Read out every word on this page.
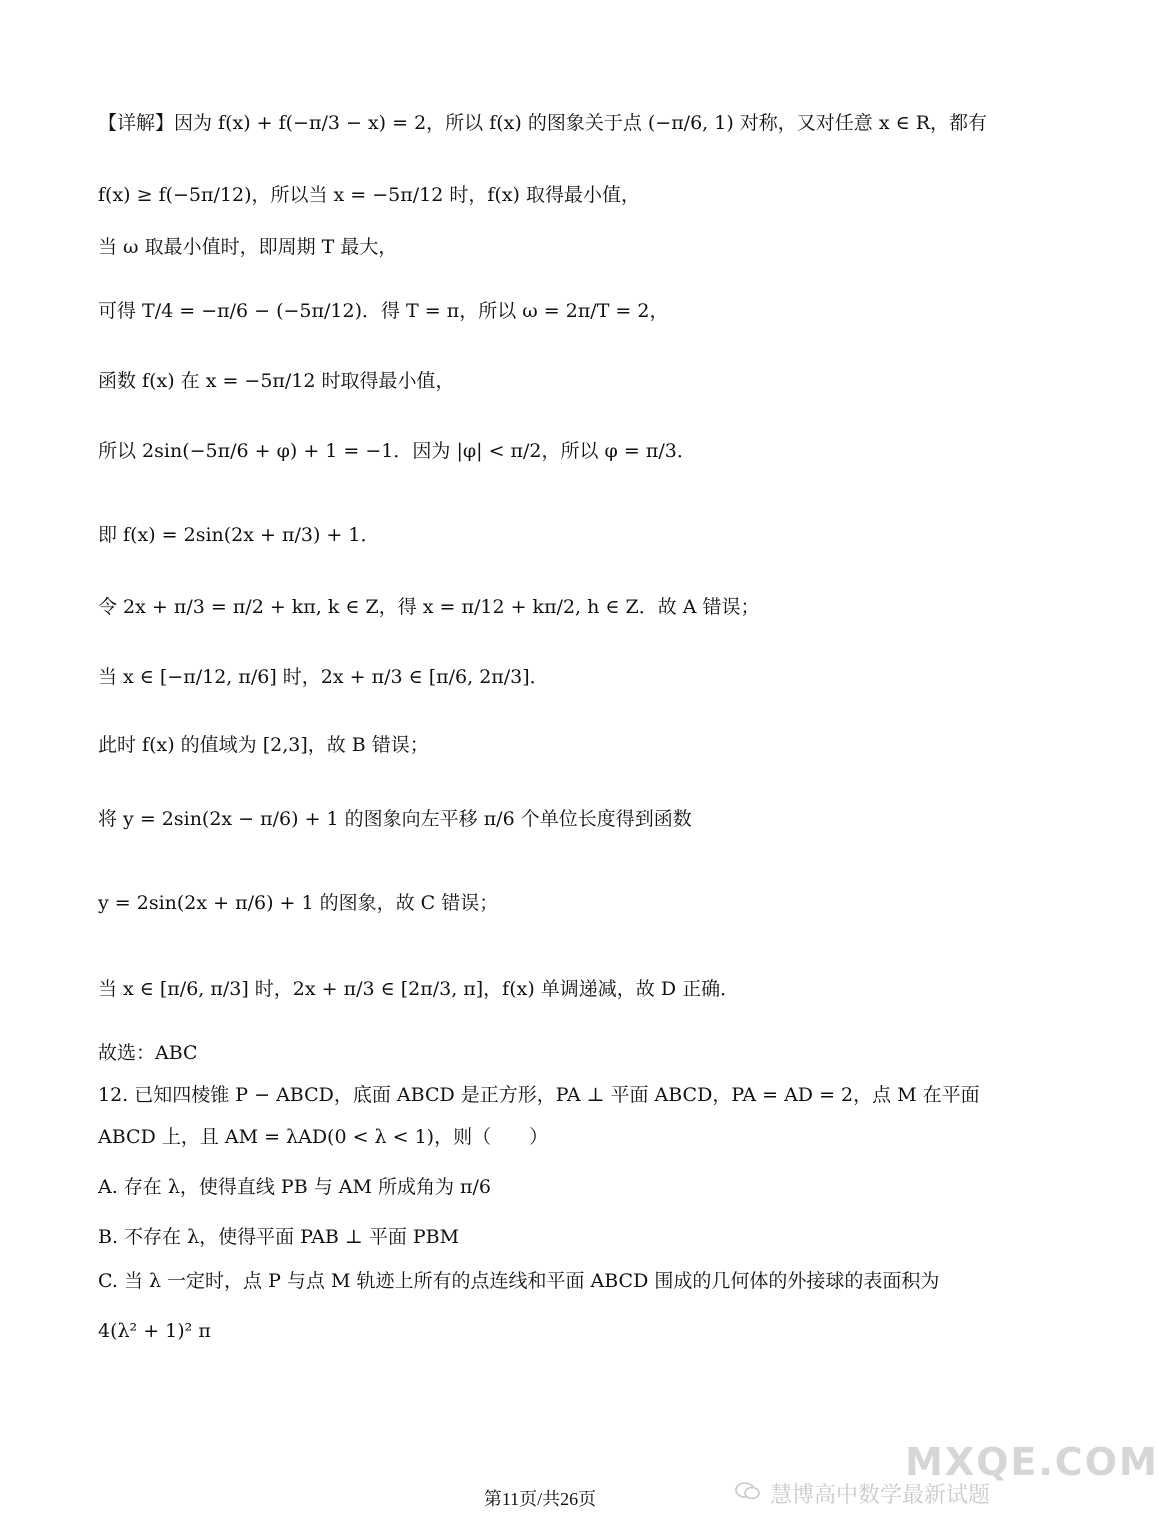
【详解】因为 f(x) + f(−π/3 − x) = 2，所以 f(x) 的图象关于点 (−π/6, 1) 对称，又对任意 x ∈ R，都有
f(x) ≥ f(−5π/12)，所以当 x = −5π/12 时，f(x) 取得最小值，
当 ω 取最小值时，即周期 T 最大，
可得 T/4 = −π/6 − (−5π/12)．得 T = π，所以 ω = 2π/T = 2，
函数 f(x) 在 x = −5π/12 时取得最小值，
所以 2sin(−5π/6 + φ) + 1 = −1．因为 |φ| < π/2，所以 φ = π/3．
即 f(x) = 2sin(2x + π/3) + 1．
令 2x + π/3 = π/2 + kπ, k ∈ Z，得 x = π/12 + kπ/2, h ∈ Z．故 A 错误；
当 x ∈ [−π/12, π/6] 时，2x + π/3 ∈ [π/6, 2π/3]．
此时 f(x) 的值域为 [2,3]，故 B 错误；
将 y = 2sin(2x − π/6) + 1 的图象向左平移 π/6 个单位长度得到函数
y = 2sin(2x + π/6) + 1 的图象，故 C 错误；
当 x ∈ [π/6, π/3] 时，2x + π/3 ∈ [2π/3, π]，f(x) 单调递减，故 D 正确．
故选：ABC
12. 已知四棱锥 P − ABCD，底面 ABCD 是正方形，PA ⊥ 平面 ABCD，PA = AD = 2，点 M 在平面
ABCD 上，且 AM = λAD(0 < λ < 1)，则（　　）
A. 存在 λ，使得直线 PB 与 AM 所成角为 π/6
B. 不存在 λ，使得平面 PAB ⊥ 平面 PBM
C. 当 λ 一定时，点 P 与点 M 轨迹上所有的点连线和平面 ABCD 围成的几何体的外接球的表面积为
4(λ² + 1)² π
第11页/共26页	慧博高中数学最新试题
MXQE.COM
